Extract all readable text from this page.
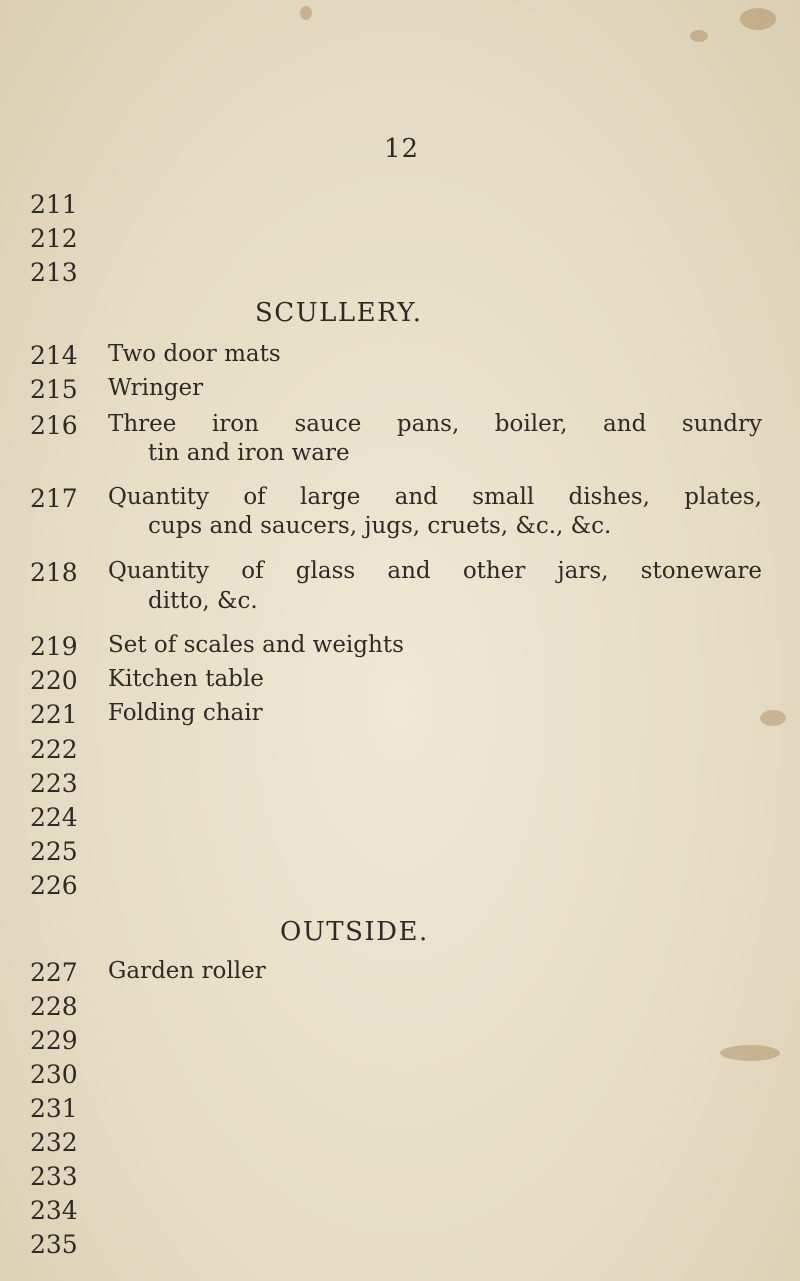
12
211
212
213
SCULLERY.
214 Two door mats
215 Wringer
216 Three iron sauce pans, boiler, and sundry
tin and iron ware
217 Quantity of large and small dishes, plates,
cups and saucers, jugs, cruets, &c., &c.
218 Quantity of glass and other jars, stoneware
ditto, &c.
219 Set of scales and weights
220 Kitchen table
221 Folding chair
222
223
224
225
226
OUTSIDE.
227 Garden roller
228
229
230
231
232
233
234
235
